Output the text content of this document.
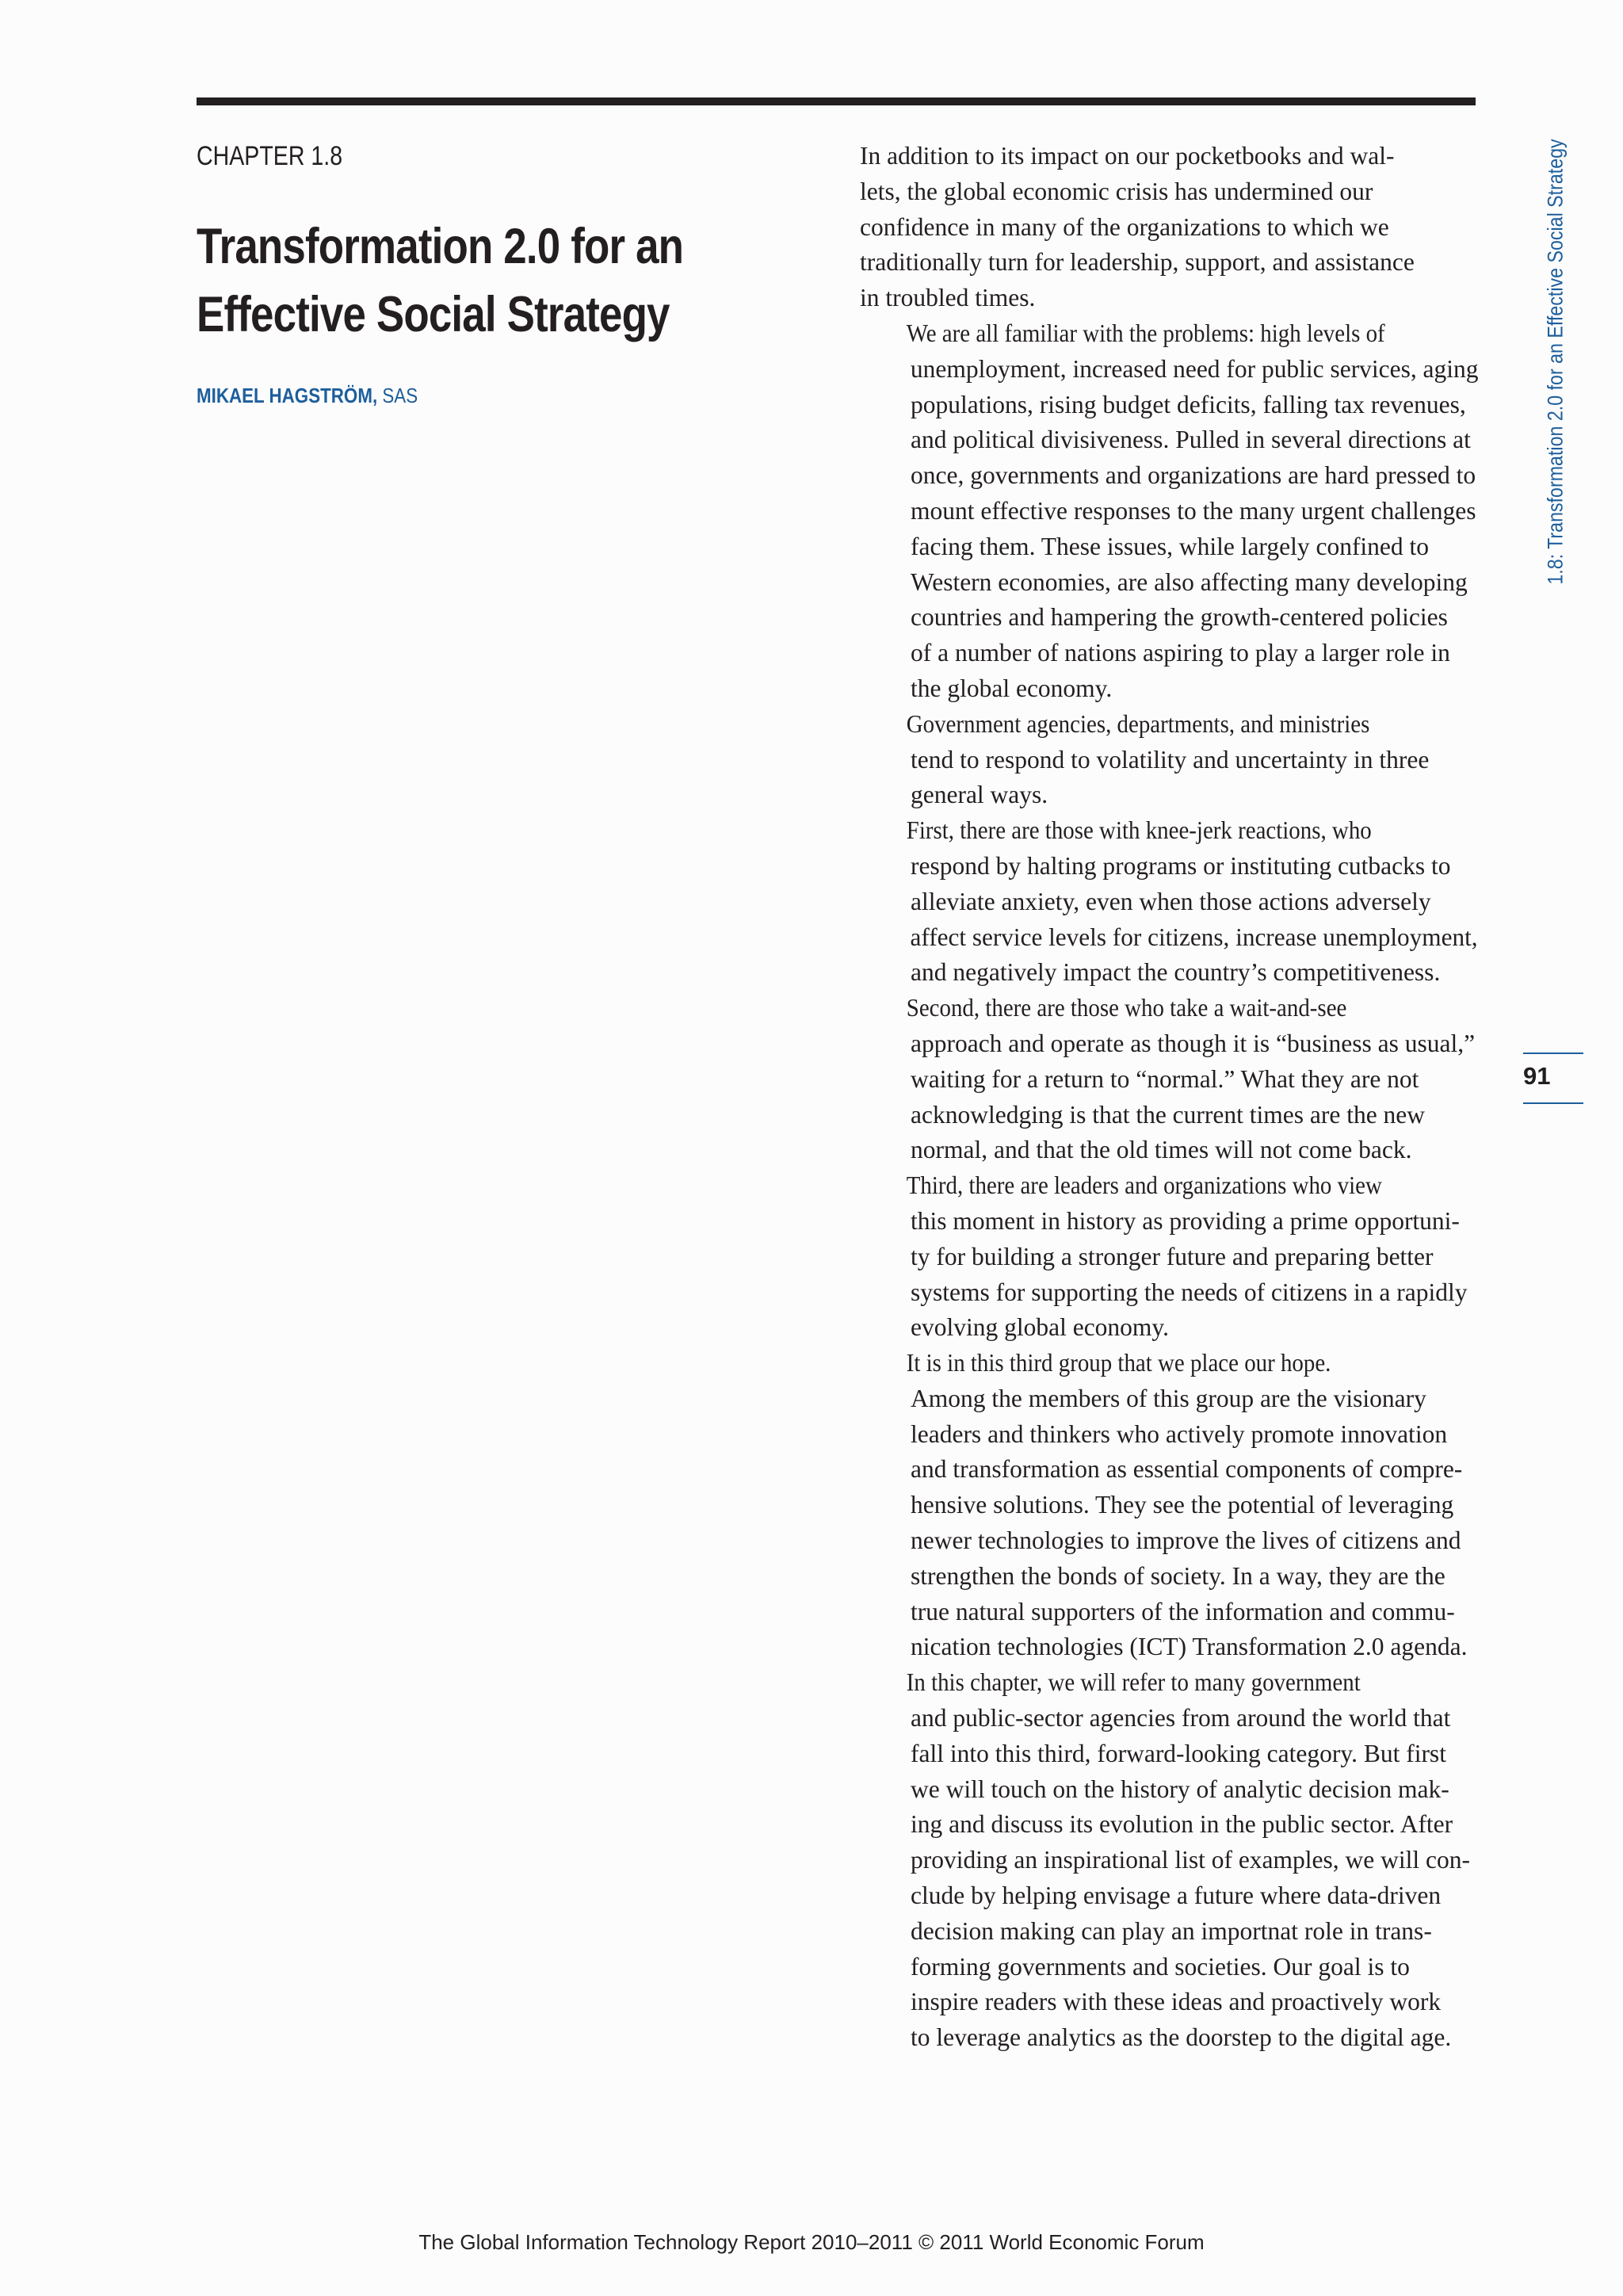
CHAPTER 1.8
Transformation 2.0 for an
Effective Social Strategy
MIKAEL HAGSTRÖM, SAS

In addition to its impact on our pocketbooks and wal-
lets, the global economic crisis has undermined our
confidence in many of the organizations to which we
traditionally turn for leadership, support, and assistance
in troubled times.

We are all familiar with the problems: high levels of
unemployment, increased need for public services, aging
populations, rising budget deficits, falling tax revenues,
and political divisiveness. Pulled in several directions at
once, governments and organizations are hard pressed to
mount effective responses to the many urgent challenges
facing them. These issues, while largely confined to
Western economies, are also affecting many developing
countries and hampering the growth-centered policies
of a number of nations aspiring to play a larger role in
the global economy.

Government agencies, departments, and ministries
tend to respond to volatility and uncertainty in three
general ways.

First, there are those with knee-jerk reactions, who
respond by halting programs or instituting cutbacks to
alleviate anxiety, even when those actions adversely
affect service levels for citizens, increase unemployment,
and negatively impact the country’s competitiveness.

Second, there are those who take a wait-and-see
approach and operate as though it is “business as usual,”
waiting for a return to “normal.” What they are not
acknowledging is that the current times are the new
normal, and that the old times will not come back.

Third, there are leaders and organizations who view
this moment in history as providing a prime opportuni-
ty for building a stronger future and preparing better
systems for supporting the needs of citizens in a rapidly
evolving global economy.

It is in this third group that we place our hope.
Among the members of this group are the visionary
leaders and thinkers who actively promote innovation
and transformation as essential components of compre-
hensive solutions. They see the potential of leveraging
newer technologies to improve the lives of citizens and
strengthen the bonds of society. In a way, they are the
true natural supporters of the information and commu-
nication technologies (ICT) Transformation 2.0 agenda.

In this chapter, we will refer to many government
and public-sector agencies from around the world that
fall into this third, forward-looking category. But first
we will touch on the history of analytic decision mak-
ing and discuss its evolution in the public sector. After
providing an inspirational list of examples, we will con-
clude by helping envisage a future where data-driven
decision making can play an importnat role in trans-
forming governments and societies. Our goal is to
inspire readers with these ideas and proactively work
to leverage analytics as the doorstep to the digital age.

1.8: Transformation 2.0 for an Effective Social Strategy
91
The Global Information Technology Report 2010–2011 © 2011 World Economic Forum
